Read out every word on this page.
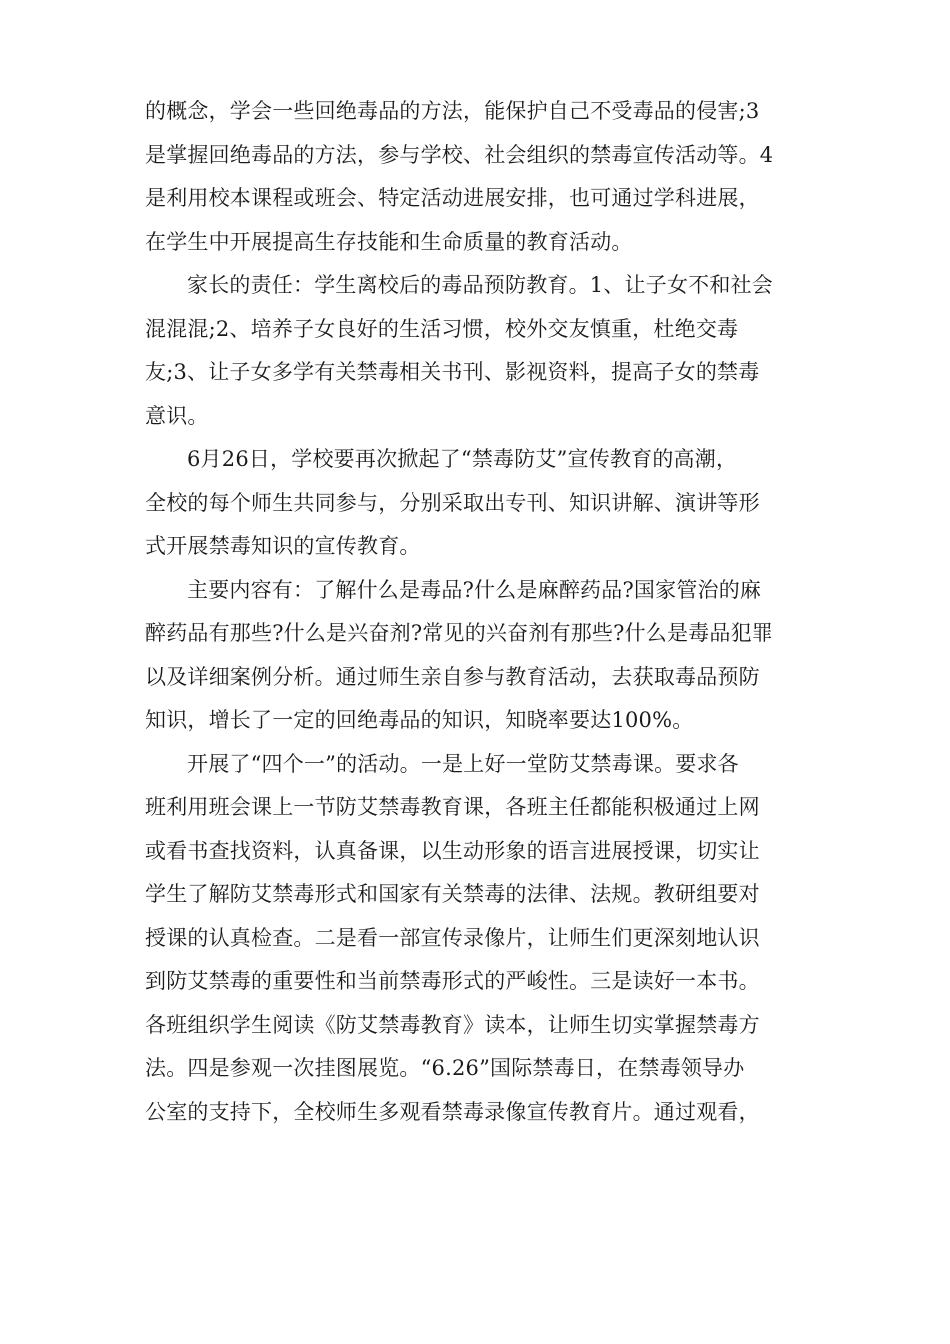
的概念，学会一些回绝毒品的方法，能保护自己不受毒品的侵害;3
是掌握回绝毒品的方法，参与学校、社会组织的禁毒宣传活动等。4
是利用校本课程或班会、特定活动进展安排，也可通过学科进展，
在学生中开展提高生存技能和生命质量的教育活动。

家长的责任：学生离校后的毒品预防教育。1、让子女不和社会
混混混;2、培养子女良好的生活习惯，校外交友慎重，杜绝交毒
友;3、让子女多学有关禁毒相关书刊、影视资料，提高子女的禁毒
意识。

6月26日，学校要再次掀起了“禁毒防艾”宣传教育的高潮，
全校的每个师生共同参与，分别采取出专刊、知识讲解、演讲等形
式开展禁毒知识的宣传教育。

主要内容有：了解什么是毒品?什么是麻醉药品?国家管治的麻
醉药品有那些?什么是兴奋剂?常见的兴奋剂有那些?什么是毒品犯罪
以及详细案例分析。通过师生亲自参与教育活动，去获取毒品预防
知识，增长了一定的回绝毒品的知识，知晓率要达100%。

开展了“四个一”的活动。一是上好一堂防艾禁毒课。要求各
班利用班会课上一节防艾禁毒教育课，各班主任都能积极通过上网
或看书查找资料，认真备课，以生动形象的语言进展授课，切实让
学生了解防艾禁毒形式和国家有关禁毒的法律、法规。教研组要对
授课的认真检查。二是看一部宣传录像片，让师生们更深刻地认识
到防艾禁毒的重要性和当前禁毒形式的严峻性。三是读好一本书。
各班组织学生阅读《防艾禁毒教育》读本，让师生切实掌握禁毒方
法。四是参观一次挂图展览。“6.26”国际禁毒日，在禁毒领导办
公室的支持下，全校师生多观看禁毒录像宣传教育片。通过观看，
